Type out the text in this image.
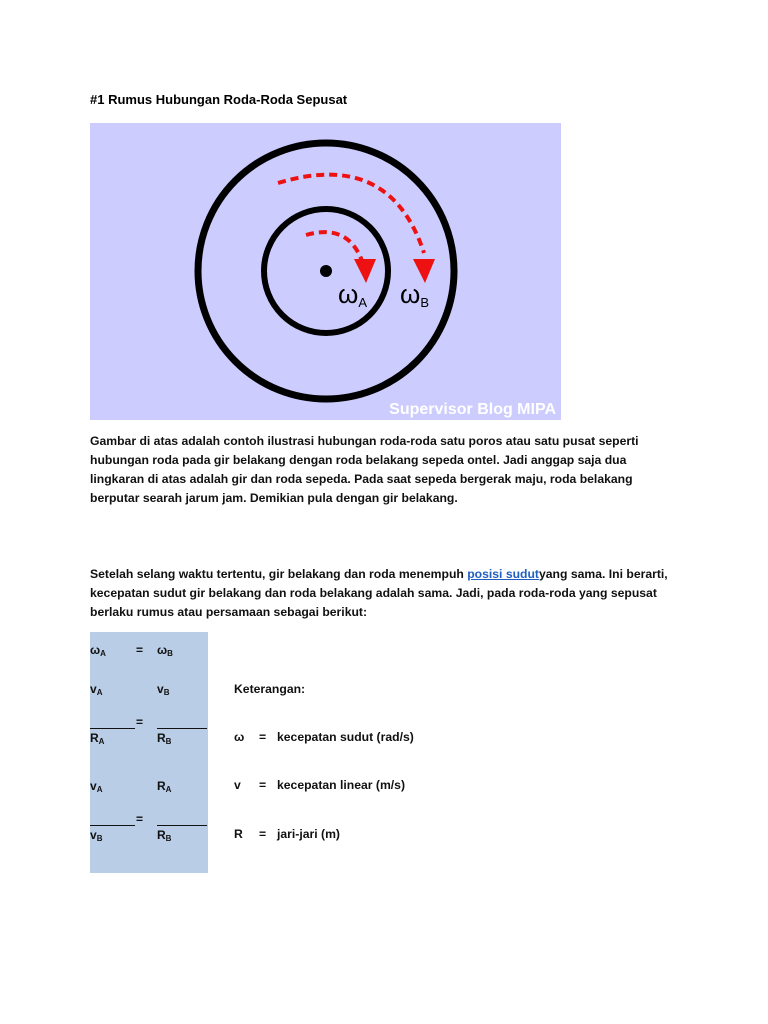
#1 Rumus Hubungan Roda-Roda Sepusat
ωA ωB
Supervisor Blog MIPA
Gambar di atas adalah contoh ilustrasi hubungan roda-roda satu poros atau satu pusat seperti hubungan roda pada gir belakang dengan roda belakang sepeda ontel. Jadi anggap saja dua lingkaran di atas adalah gir dan roda sepeda. Pada saat sepeda bergerak maju, roda belakang berputar searah jarum jam. Demikian pula dengan gir belakang.
Setelah selang waktu tertentu, gir belakang dan roda menempuh posisi sudutyang sama. Ini berarti, kecepatan sudut gir belakang dan roda belakang adalah sama. Jadi, pada roda-roda yang sepusat berlaku rumus atau persamaan sebagai berikut:
$\omega_A$	= $\omega_B$
$v_A$	$v_B$
=
$R_A$	$R_B$
$v_A$	$R_A$
=
$v_B$	$R_B$
Keterangan:
ω = kecepatan sudut (rad/s)
v = kecepatan linear (m/s)
R = jari-jari (m)
